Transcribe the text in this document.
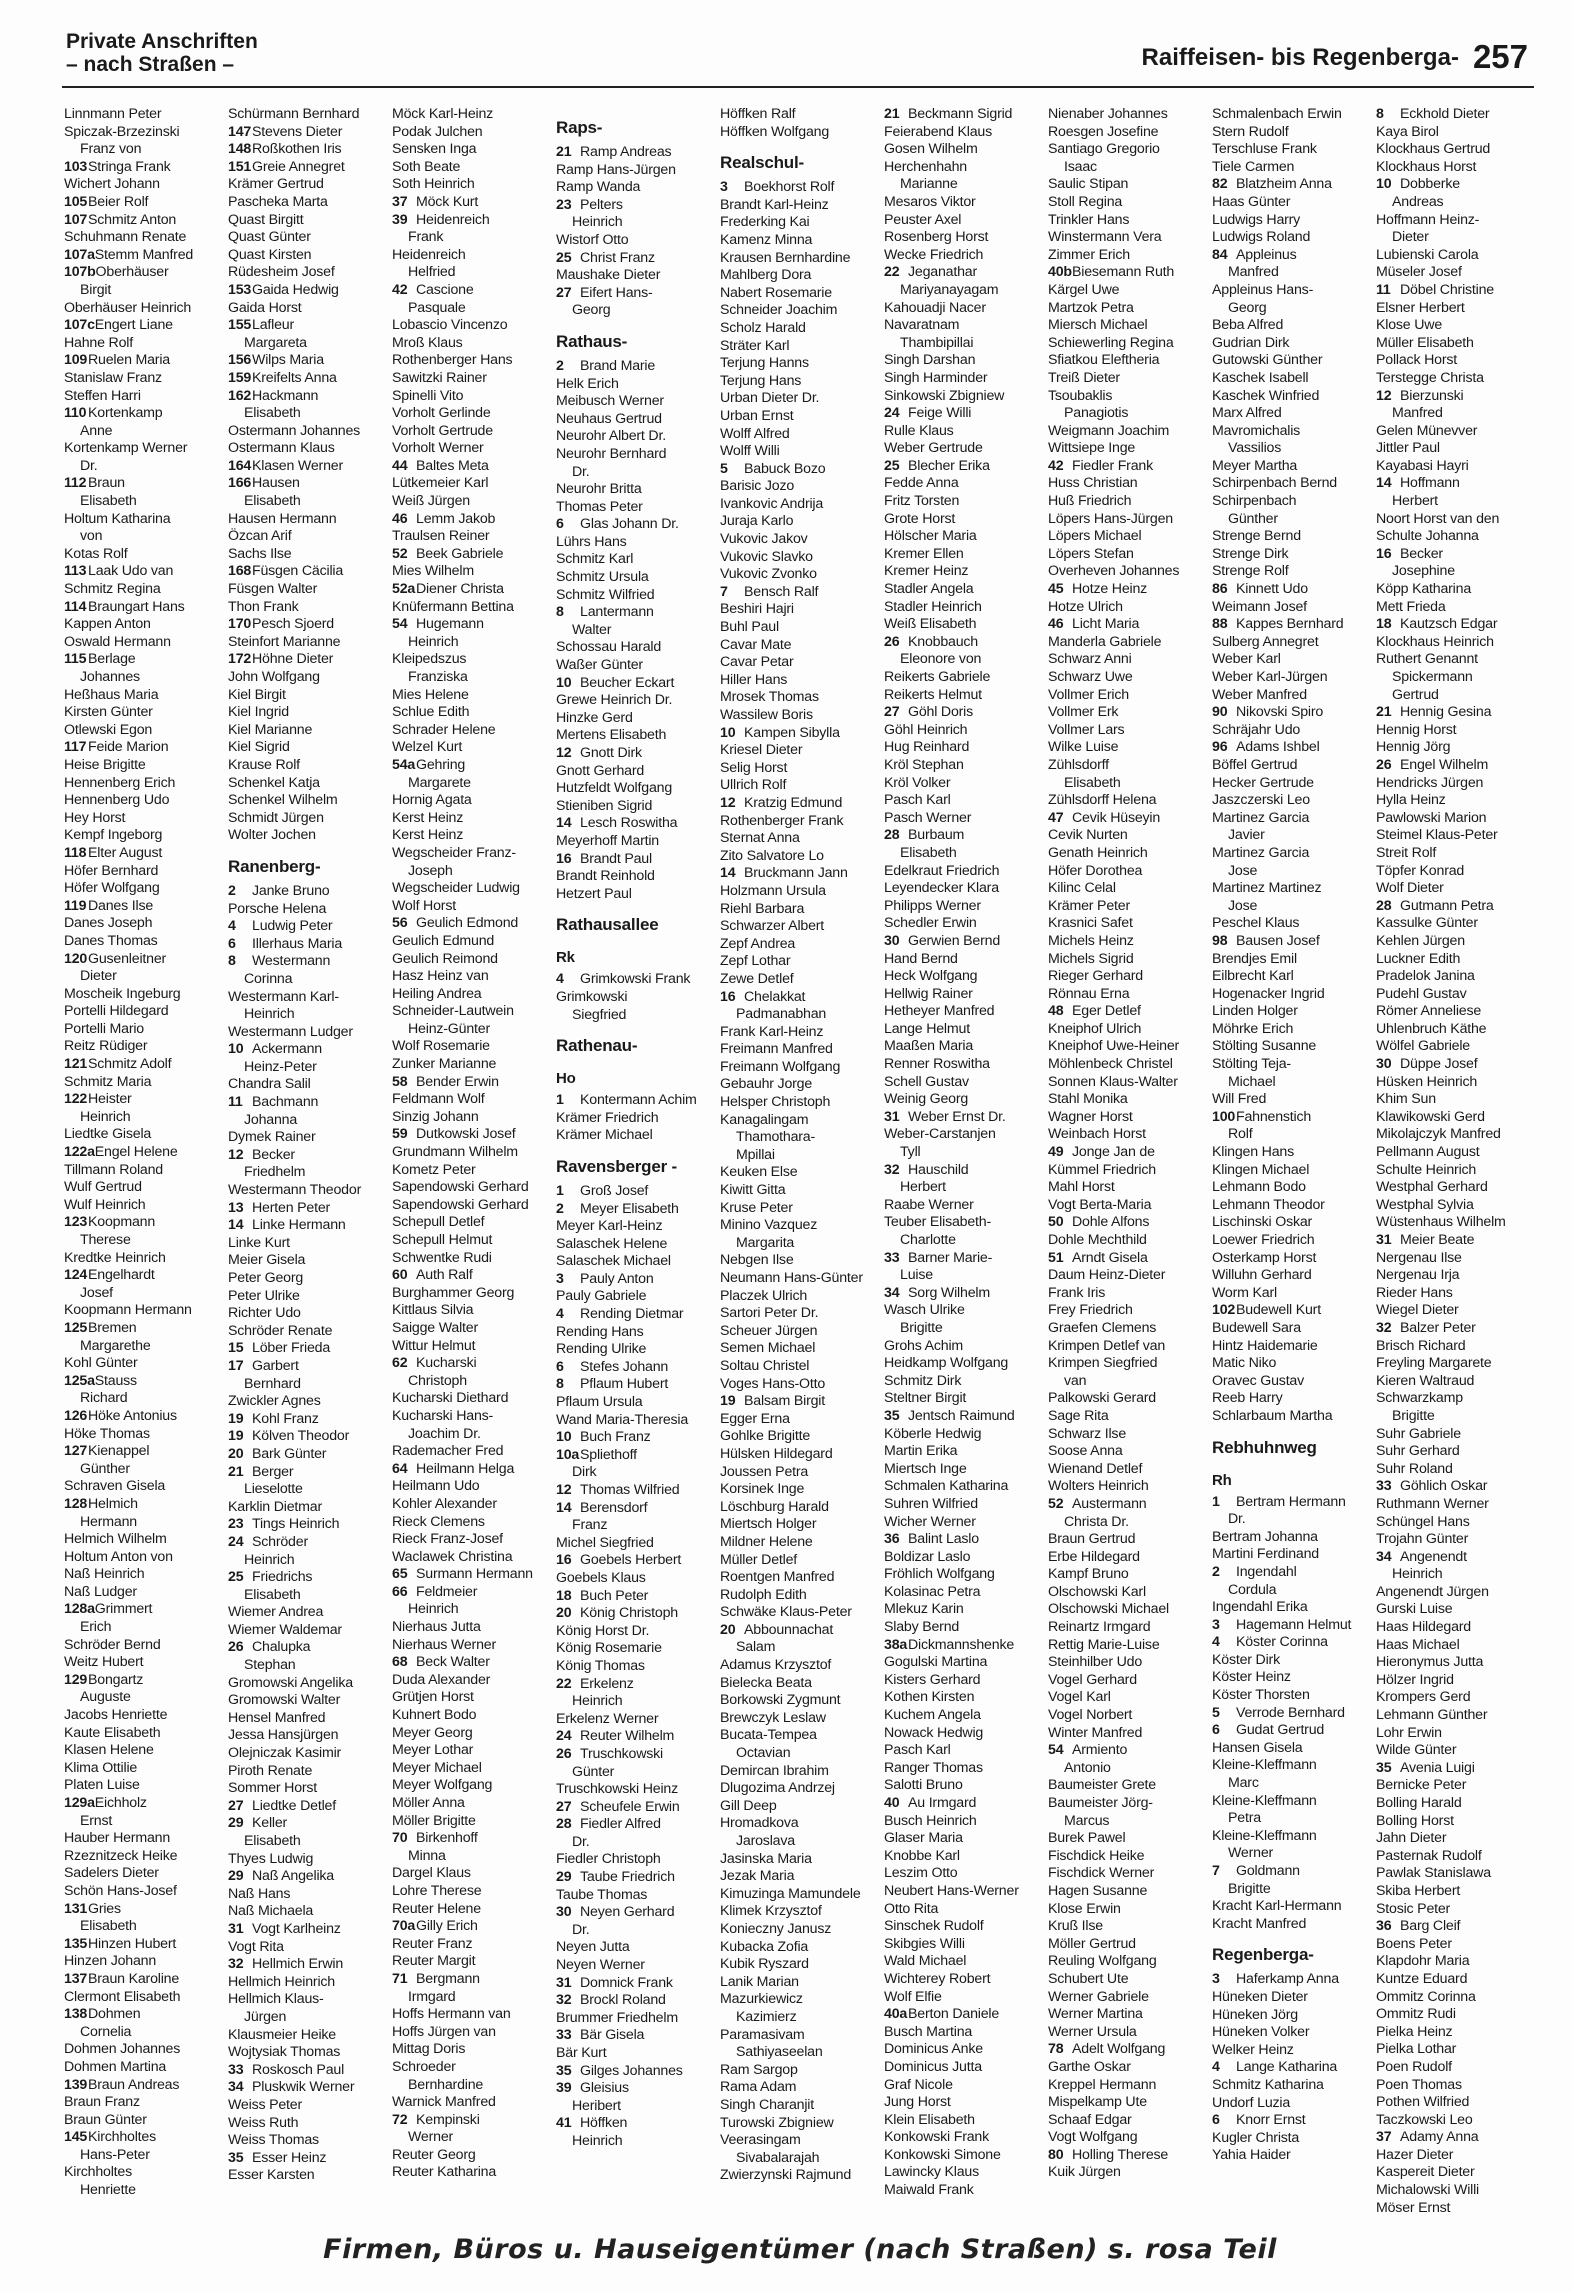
Private Anschriften
– nach Straßen –	Raiffeisen- bis Regenberga- 257
Linnmann Peter
Spiczak-Brzezinski
Franz von
103Stringa Frank
Wichert Johann
105Beier Rolf
107Schmitz Anton
Schuhmann Renate
107aStemm Manfred
107bOberhäuser
Birgit
Oberhäuser Heinrich
107cEngert Liane
Hahne Rolf
109Ruelen Maria
Stanislaw Franz
Steffen Harri
110Kortenkamp
Anne
Kortenkamp Werner
Dr.
112Braun
Elisabeth
Holtum Katharina
von
Kotas Rolf
113Laak Udo van
Schmitz Regina
114Braungart Hans
Kappen Anton
Oswald Hermann
115Berlage
Johannes
Heßhaus Maria
Kirsten Günter
Otlewski Egon
117Feide Marion
Heise Brigitte
Hennenberg Erich
Hennenberg Udo
Hey Horst
Kempf Ingeborg
118Elter August
Höfer Bernhard
Höfer Wolfgang
119Danes Ilse
Danes Joseph
Danes Thomas
120Gusenleitner
Dieter
Moscheik Ingeburg
Portelli Hildegard
Portelli Mario
Reitz Rüdiger
121Schmitz Adolf
Schmitz Maria
122Heister
Heinrich
Liedtke Gisela
122aEngel Helene
Tillmann Roland
Wulf Gertrud
Wulf Heinrich
123Koopmann
Therese
Kredtke Heinrich
124Engelhardt
Josef
Koopmann Hermann
125Bremen
Margarethe
Kohl Günter
125aStauss
Richard
126Höke Antonius
Höke Thomas
127Kienappel
Günther
Schraven Gisela
128Helmich
Hermann
Helmich Wilhelm
Holtum Anton von
Naß Heinrich
Naß Ludger
128aGrimmert
Erich
Schröder Bernd
Weitz Hubert
129Bongartz
Auguste
Jacobs Henriette
Kaute Elisabeth
Klasen Helene
Klima Ottilie
Platen Luise
129aEichholz
Ernst
Hauber Hermann
Rzeznitzeck Heike
Sadelers Dieter
Schön Hans-Josef
131Gries
Elisabeth
135Hinzen Hubert
Hinzen Johann
137Braun Karoline
Clermont Elisabeth
138Dohmen
Cornelia
Dohmen Johannes
Dohmen Martina
139Braun Andreas
Braun Franz
Braun Günter
145Kirchholtes
Hans-Peter
Kirchholtes
Henriette
Schürmann Bernhard
147Stevens Dieter
148Roßkothen Iris
151Greie Annegret
Krämer Gertrud
Pascheka Marta
Quast Birgitt
Quast Günter
Quast Kirsten
Rüdesheim Josef
153Gaida Hedwig
Gaida Horst
155Lafleur
Margareta
156Wilps Maria
159Kreifelts Anna
162Hackmann
Elisabeth
Ostermann Johannes
Ostermann Klaus
164Klasen Werner
166Hausen
Elisabeth
Hausen Hermann
Özcan Arif
Sachs Ilse
168Füsgen Cäcilia
Füsgen Walter
Thon Frank
170Pesch Sjoerd
Steinfort Marianne
172Höhne Dieter
John Wolfgang
Kiel Birgit
Kiel Ingrid
Kiel Marianne
Kiel Sigrid
Krause Rolf
Schenkel Katja
Schenkel Wilhelm
Schmidt Jürgen
Wolter Jochen
Ranenberg-
2Janke Bruno
Porsche Helena
4Ludwig Peter
6Illerhaus Maria
8Westermann
Corinna
Westermann Karl-
Heinrich
Westermann Ludger
10Ackermann
Heinz-Peter
Chandra Salil
11Bachmann
Johanna
Dymek Rainer
12Becker
Friedhelm
Westermann Theodor
13Herten Peter
14Linke Hermann
Linke Kurt
Meier Gisela
Peter Georg
Peter Ulrike
Richter Udo
Schröder Renate
15Löber Frieda
17Garbert
Bernhard
Zwickler Agnes
19Kohl Franz
19Kölven Theodor
20Bark Günter
21Berger
Lieselotte
Karklin Dietmar
23Tings Heinrich
24Schröder
Heinrich
25Friedrichs
Elisabeth
Wiemer Andrea
Wiemer Waldemar
26Chalupka
Stephan
Gromowski Angelika
Gromowski Walter
Hensel Manfred
Jessa Hansjürgen
Olejniczak Kasimir
Piroth Renate
Sommer Horst
27Liedtke Detlef
29Keller
Elisabeth
Thyes Ludwig
29Naß Angelika
Naß Hans
Naß Michaela
31Vogt Karlheinz
Vogt Rita
32Hellmich Erwin
Hellmich Heinrich
Hellmich Klaus-
Jürgen
Klausmeier Heike
Wojtysiak Thomas
33Roskosch Paul
34Pluskwik Werner
Weiss Peter
Weiss Ruth
Weiss Thomas
35Esser Heinz
Esser Karsten
Möck Karl-Heinz
Podak Julchen
Sensken Inga
Soth Beate
Soth Heinrich
37Möck Kurt
39Heidenreich
Frank
Heidenreich
Helfried
42Cascione
Pasquale
Lobascio Vincenzo
Mroß Klaus
Rothenberger Hans
Sawitzki Rainer
Spinelli Vito
Vorholt Gerlinde
Vorholt Gertrude
Vorholt Werner
44Baltes Meta
Lütkemeier Karl
Weiß Jürgen
46Lemm Jakob
Traulsen Reiner
52Beek Gabriele
Mies Wilhelm
52aDiener Christa
Knüfermann Bettina
54Hugemann
Heinrich
Kleipedszus
Franziska
Mies Helene
Schlue Edith
Schrader Helene
Welzel Kurt
54aGehring
Margarete
Hornig Agata
Kerst Heinz
Kerst Heinz
Wegscheider Franz-
Joseph
Wegscheider Ludwig
Wolf Horst
56Geulich Edmond
Geulich Edmund
Geulich Reimond
Hasz Heinz van
Heiling Andrea
Schneider-Lautwein
Heinz-Günter
Wolf Rosemarie
Zunker Marianne
58Bender Erwin
Feldmann Wolf
Sinzig Johann
59Dutkowski Josef
Grundmann Wilhelm
Kometz Peter
Sapendowski Gerhard
Sapendowski Gerhard
Schepull Detlef
Schepull Helmut
Schwentke Rudi
60Auth Ralf
Burghammer Georg
Kittlaus Silvia
Saigge Walter
Wittur Helmut
62Kucharski
Christoph
Kucharski Diethard
Kucharski Hans-
Joachim Dr.
Rademacher Fred
64Heilmann Helga
Heilmann Udo
Kohler Alexander
Rieck Clemens
Rieck Franz-Josef
Waclawek Christina
65Surmann Hermann
66Feldmeier
Heinrich
Nierhaus Jutta
Nierhaus Werner
68Beck Walter
Duda Alexander
Grütjen Horst
Kuhnert Bodo
Meyer Georg
Meyer Lothar
Meyer Michael
Meyer Wolfgang
Möller Anna
Möller Brigitte
70Birkenhoff
Minna
Dargel Klaus
Lohre Therese
Reuter Helene
70aGilly Erich
Reuter Franz
Reuter Margit
71Bergmann
Irmgard
Hoffs Hermann van
Hoffs Jürgen van
Mittag Doris
Schroeder
Bernhardine
Warnick Manfred
72Kempinski
Werner
Reuter Georg
Reuter Katharina
Raps-
21Ramp Andreas
Ramp Hans-Jürgen
Ramp Wanda
23Pelters
Heinrich
Wistorf Otto
25Christ Franz
Maushake Dieter
27Eifert Hans-
Georg
Rathaus-
2Brand Marie
Helk Erich
Meibusch Werner
Neuhaus Gertrud
Neurohr Albert Dr.
Neurohr Bernhard
Dr.
Neurohr Britta
Thomas Peter
6Glas Johann Dr.
Lührs Hans
Schmitz Karl
Schmitz Ursula
Schmitz Wilfried
8Lantermann
Walter
Schossau Harald
Waßer Günter
10Beucher Eckart
Grewe Heinrich Dr.
Hinzke Gerd
Mertens Elisabeth
12Gnott Dirk
Gnott Gerhard
Hutzfeldt Wolfgang
Stieniben Sigrid
14Lesch Roswitha
Meyerhoff Martin
16Brandt Paul
Brandt Reinhold
Hetzert Paul
Rathausallee
Rk
4Grimkowski Frank
Grimkowski
Siegfried
Rathenau-
Ho
1Kontermann Achim
Krämer Friedrich
Krämer Michael
Ravensberger -
1Groß Josef
2Meyer Elisabeth
Meyer Karl-Heinz
Salaschek Helene
Salaschek Michael
3Pauly Anton
Pauly Gabriele
4Rending Dietmar
Rending Hans
Rending Ulrike
6Stefes Johann
8Pflaum Hubert
Pflaum Ursula
Wand Maria-Theresia
10Buch Franz
10aSpliethoff
Dirk
12Thomas Wilfried
14Berensdorf
Franz
Michel Siegfried
16Goebels Herbert
Goebels Klaus
18Buch Peter
20König Christoph
König Horst Dr.
König Rosemarie
König Thomas
22Erkelenz
Heinrich
Erkelenz Werner
24Reuter Wilhelm
26Truschkowski
Günter
Truschkowski Heinz
27Scheufele Erwin
28Fiedler Alfred
Dr.
Fiedler Christoph
29Taube Friedrich
Taube Thomas
30Neyen Gerhard
Dr.
Neyen Jutta
Neyen Werner
31Domnick Frank
32Brockl Roland
Brummer Friedhelm
33Bär Gisela
Bär Kurt
35Gilges Johannes
39Gleisius
Heribert
41Höffken
Heinrich
Höffken Ralf
Höffken Wolfgang
Realschul-
3Boekhorst Rolf
Brandt Karl-Heinz
Frederking Kai
Kamenz Minna
Krausen Bernhardine
Mahlberg Dora
Nabert Rosemarie
Schneider Joachim
Scholz Harald
Sträter Karl
Terjung Hanns
Terjung Hans
Urban Dieter Dr.
Urban Ernst
Wolff Alfred
Wolff Willi
5Babuck Bozo
Barisic Jozo
Ivankovic Andrija
Juraja Karlo
Vukovic Jakov
Vukovic Slavko
Vukovic Zvonko
7Bensch Ralf
Beshiri Hajri
Buhl Paul
Cavar Mate
Cavar Petar
Hiller Hans
Mrosek Thomas
Wassilew Boris
10Kampen Sibylla
Kriesel Dieter
Selig Horst
Ullrich Rolf
12Kratzig Edmund
Rothenberger Frank
Sternat Anna
Zito Salvatore Lo
14Bruckmann Jann
Holzmann Ursula
Riehl Barbara
Schwarzer Albert
Zepf Andrea
Zepf Lothar
Zewe Detlef
16Chelakkat
Padmanabhan
Frank Karl-Heinz
Freimann Manfred
Freimann Wolfgang
Gebauhr Jorge
Helsper Christoph
Kanagalingam
Thamothara-
Mpillai
Keuken Else
Kiwitt Gitta
Kruse Peter
Minino Vazquez
Margarita
Nebgen Ilse
Neumann Hans-Günter
Placzek Ulrich
Sartori Peter Dr.
Scheuer Jürgen
Semen Michael
Soltau Christel
Voges Hans-Otto
19Balsam Birgit
Egger Erna
Gohlke Brigitte
Hülsken Hildegard
Joussen Petra
Korsinek Inge
Löschburg Harald
Miertsch Holger
Mildner Helene
Müller Detlef
Roentgen Manfred
Rudolph Edith
Schwäke Klaus-Peter
20Abbounnachat
Salam
Adamus Krzysztof
Bielecka Beata
Borkowski Zygmunt
Brewczyk Leslaw
Bucata-Tempea
Octavian
Demircan Ibrahim
Dlugozima Andrzej
Gill Deep
Hromadkova
Jaroslava
Jasinska Maria
Jezak Maria
Kimuzinga Mamundele
Klimek Krzysztof
Konieczny Janusz
Kubacka Zofia
Kubik Ryszard
Lanik Marian
Mazurkiewicz
Kazimierz
Paramasivam
Sathiyaseelan
Ram Sargop
Rama Adam
Singh Charanjit
Turowski Zbigniew
Veerasingam
Sivabalarajah
Zwierzynski Rajmund
21Beckmann Sigrid
Feierabend Klaus
Gosen Wilhelm
Herchenhahn
Marianne
Mesaros Viktor
Peuster Axel
Rosenberg Horst
Wecke Friedrich
22Jeganathar
Mariyanayagam
Kahouadji Nacer
Navaratnam
Thambipillai
Singh Darshan
Singh Harminder
Sinkowski Zbigniew
24Feige Willi
Rulle Klaus
Weber Gertrude
25Blecher Erika
Fedde Anna
Fritz Torsten
Grote Horst
Hölscher Maria
Kremer Ellen
Kremer Heinz
Stadler Angela
Stadler Heinrich
Weiß Elisabeth
26Knobbauch
Eleonore von
Reikerts Gabriele
Reikerts Helmut
27Göhl Doris
Göhl Heinrich
Hug Reinhard
Kröl Stephan
Kröl Volker
Pasch Karl
Pasch Werner
28Burbaum
Elisabeth
Edelkraut Friedrich
Leyendecker Klara
Philipps Werner
Schedler Erwin
30Gerwien Bernd
Hand Bernd
Heck Wolfgang
Hellwig Rainer
Hetheyer Manfred
Lange Helmut
Maaßen Maria
Renner Roswitha
Schell Gustav
Weinig Georg
31Weber Ernst Dr.
Weber-Carstanjen
Tyll
32Hauschild
Herbert
Raabe Werner
Teuber Elisabeth-
Charlotte
33Barner Marie-
Luise
34Sorg Wilhelm
Wasch Ulrike
Brigitte
Grohs Achim
Heidkamp Wolfgang
Schmitz Dirk
Steltner Birgit
35Jentsch Raimund
Köberle Hedwig
Martin Erika
Miertsch Inge
Schmalen Katharina
Suhren Wilfried
Wicher Werner
36Balint Laslo
Boldizar Laslo
Fröhlich Wolfgang
Kolasinac Petra
Mlekuz Karin
Slaby Bernd
38aDickmannshenke
Gogulski Martina
Kisters Gerhard
Kothen Kirsten
Kuchem Angela
Nowack Hedwig
Pasch Karl
Ranger Thomas
Salotti Bruno
40Au Irmgard
Busch Heinrich
Glaser Maria
Knobbe Karl
Leszim Otto
Neubert Hans-Werner
Otto Rita
Sinschek Rudolf
Skibgies Willi
Wald Michael
Wichterey Robert
Wolf Elfie
40aBerton Daniele
Busch Martina
Dominicus Anke
Dominicus Jutta
Graf Nicole
Jung Horst
Klein Elisabeth
Konkowski Frank
Konkowski Simone
Lawincky Klaus
Maiwald Frank
Nienaber Johannes
Roesgen Josefine
Santiago Gregorio
Isaac
Saulic Stipan
Stoll Regina
Trinkler Hans
Winstermann Vera
Zimmer Erich
40bBiesemann Ruth
Kärgel Uwe
Martzok Petra
Miersch Michael
Schiewerling Regina
Sfiatkou Eleftheria
Treiß Dieter
Tsoubaklis
Panagiotis
Weigmann Joachim
Wittsiepe Inge
42Fiedler Frank
Huss Christian
Huß Friedrich
Löpers Hans-Jürgen
Löpers Michael
Löpers Stefan
Overheven Johannes
45Hotze Heinz
Hotze Ulrich
46Licht Maria
Manderla Gabriele
Schwarz Anni
Schwarz Uwe
Vollmer Erich
Vollmer Erk
Vollmer Lars
Wilke Luise
Zühlsdorff
Elisabeth
Zühlsdorff Helena
47Cevik Hüseyin
Cevik Nurten
Genath Heinrich
Höfer Dorothea
Kilinc Celal
Krämer Peter
Krasnici Safet
Michels Heinz
Michels Sigrid
Rieger Gerhard
Rönnau Erna
48Eger Detlef
Kneiphof Ulrich
Kneiphof Uwe-Heiner
Möhlenbeck Christel
Sonnen Klaus-Walter
Stahl Monika
Wagner Horst
Weinbach Horst
49Jonge Jan de
Kümmel Friedrich
Mahl Horst
Vogt Berta-Maria
50Dohle Alfons
Dohle Mechthild
51Arndt Gisela
Daum Heinz-Dieter
Frank Iris
Frey Friedrich
Graefen Clemens
Krimpen Detlef van
Krimpen Siegfried
van
Palkowski Gerard
Sage Rita
Schwarz Ilse
Soose Anna
Wienand Detlef
Wolters Heinrich
52Austermann
Christa Dr.
Braun Gertrud
Erbe Hildegard
Kampf Bruno
Olschowski Karl
Olschowski Michael
Reinartz Irmgard
Rettig Marie-Luise
Steinhilber Udo
Vogel Gerhard
Vogel Karl
Vogel Norbert
Winter Manfred
54Armiento
Antonio
Baumeister Grete
Baumeister Jörg-
Marcus
Burek Pawel
Fischdick Heike
Fischdick Werner
Hagen Susanne
Klose Erwin
Kruß Ilse
Möller Gertrud
Reuling Wolfgang
Schubert Ute
Werner Gabriele
Werner Martina
Werner Ursula
78Adelt Wolfgang
Garthe Oskar
Kreppel Hermann
Mispelkamp Ute
Schaaf Edgar
Vogt Wolfgang
80Holling Therese
Kuik Jürgen
Schmalenbach Erwin
Stern Rudolf
Terschluse Frank
Tiele Carmen
82Blatzheim Anna
Haas Günter
Ludwigs Harry
Ludwigs Roland
84Appleinus
Manfred
Appleinus Hans-
Georg
Beba Alfred
Gudrian Dirk
Gutowski Günther
Kaschek Isabell
Kaschek Winfried
Marx Alfred
Mavromichalis
Vassilios
Meyer Martha
Schirpenbach Bernd
Schirpenbach
Günther
Strenge Bernd
Strenge Dirk
Strenge Rolf
86Kinnett Udo
Weimann Josef
88Kappes Bernhard
Sulberg Annegret
Weber Karl
Weber Karl-Jürgen
Weber Manfred
90Nikovski Spiro
Schräjahr Udo
96Adams Ishbel
Böffel Gertrud
Hecker Gertrude
Jaszczerski Leo
Martinez Garcia
Javier
Martinez Garcia
Jose
Martinez Martinez
Jose
Peschel Klaus
98Bausen Josef
Brendjes Emil
Eilbrecht Karl
Hogenacker Ingrid
Linden Holger
Möhrke Erich
Stölting Susanne
Stölting Teja-
Michael
Will Fred
100Fahnenstich
Rolf
Klingen Hans
Klingen Michael
Lehmann Bodo
Lehmann Theodor
Lischinski Oskar
Loewer Friedrich
Osterkamp Horst
Willuhn Gerhard
Worm Karl
102Budewell Kurt
Budewell Sara
Hintz Haidemarie
Matic Niko
Oravec Gustav
Reeb Harry
Schlarbaum Martha
Rebhuhnweg
Rh
1Bertram Hermann
Dr.
Bertram Johanna
Martini Ferdinand
2Ingendahl
Cordula
Ingendahl Erika
3Hagemann Helmut
4Köster Corinna
Köster Dirk
Köster Heinz
Köster Thorsten
5Verrode Bernhard
6Gudat Gertrud
Hansen Gisela
Kleine-Kleffmann
Marc
Kleine-Kleffmann
Petra
Kleine-Kleffmann
Werner
7Goldmann
Brigitte
Kracht Karl-Hermann
Kracht Manfred
Regenberga-
3Haferkamp Anna
Hüneken Dieter
Hüneken Jörg
Hüneken Volker
Welker Heinz
4Lange Katharina
Schmitz Katharina
Undorf Luzia
6Knorr Ernst
Kugler Christa
Yahia Haider
8Eckhold Dieter
Kaya Birol
Klockhaus Gertrud
Klockhaus Horst
10Dobberke
Andreas
Hoffmann Heinz-
Dieter
Lubienski Carola
Müseler Josef
11Döbel Christine
Elsner Herbert
Klose Uwe
Müller Elisabeth
Pollack Horst
Terstegge Christa
12Bierzunski
Manfred
Gelen Münevver
Jittler Paul
Kayabasi Hayri
14Hoffmann
Herbert
Noort Horst van den
Schulte Johanna
16Becker
Josephine
Köpp Katharina
Mett Frieda
18Kautzsch Edgar
Klockhaus Heinrich
Ruthert Genannt
Spickermann
Gertrud
21Hennig Gesina
Hennig Horst
Hennig Jörg
26Engel Wilhelm
Hendricks Jürgen
Hylla Heinz
Pawlowski Marion
Steimel Klaus-Peter
Streit Rolf
Töpfer Konrad
Wolf Dieter
28Gutmann Petra
Kassulke Günter
Kehlen Jürgen
Luckner Edith
Pradelok Janina
Pudehl Gustav
Römer Anneliese
Uhlenbruch Käthe
Wölfel Gabriele
30Düppe Josef
Hüsken Heinrich
Khim Sun
Klawikowski Gerd
Mikolajczyk Manfred
Pellmann August
Schulte Heinrich
Westphal Gerhard
Westphal Sylvia
Wüstenhaus Wilhelm
31Meier Beate
Nergenau Ilse
Nergenau Irja
Rieder Hans
Wiegel Dieter
32Balzer Peter
Brisch Richard
Freyling Margarete
Kieren Waltraud
Schwarzkamp
Brigitte
Suhr Gabriele
Suhr Gerhard
Suhr Roland
33Göhlich Oskar
Ruthmann Werner
Schüngel Hans
Trojahn Günter
34Angenendt
Heinrich
Angenendt Jürgen
Gurski Luise
Haas Hildegard
Haas Michael
Hieronymus Jutta
Hölzer Ingrid
Krompers Gerd
Lehmann Günther
Lohr Erwin
Wilde Günter
35Avenia Luigi
Bernicke Peter
Bolling Harald
Bolling Horst
Jahn Dieter
Pasternak Rudolf
Pawlak Stanislawa
Skiba Herbert
Stosic Peter
36Barg Cleif
Boens Peter
Klapdohr Maria
Kuntze Eduard
Ommitz Corinna
Ommitz Rudi
Pielka Heinz
Pielka Lothar
Poen Rudolf
Poen Thomas
Pothen Wilfried
Taczkowski Leo
37Adamy Anna
Hazer Dieter
Kaspereit Dieter
Michalowski Willi
Möser Ernst
Firmen, Büros u. Hauseigentümer (nach Straßen) s. rosa Teil
